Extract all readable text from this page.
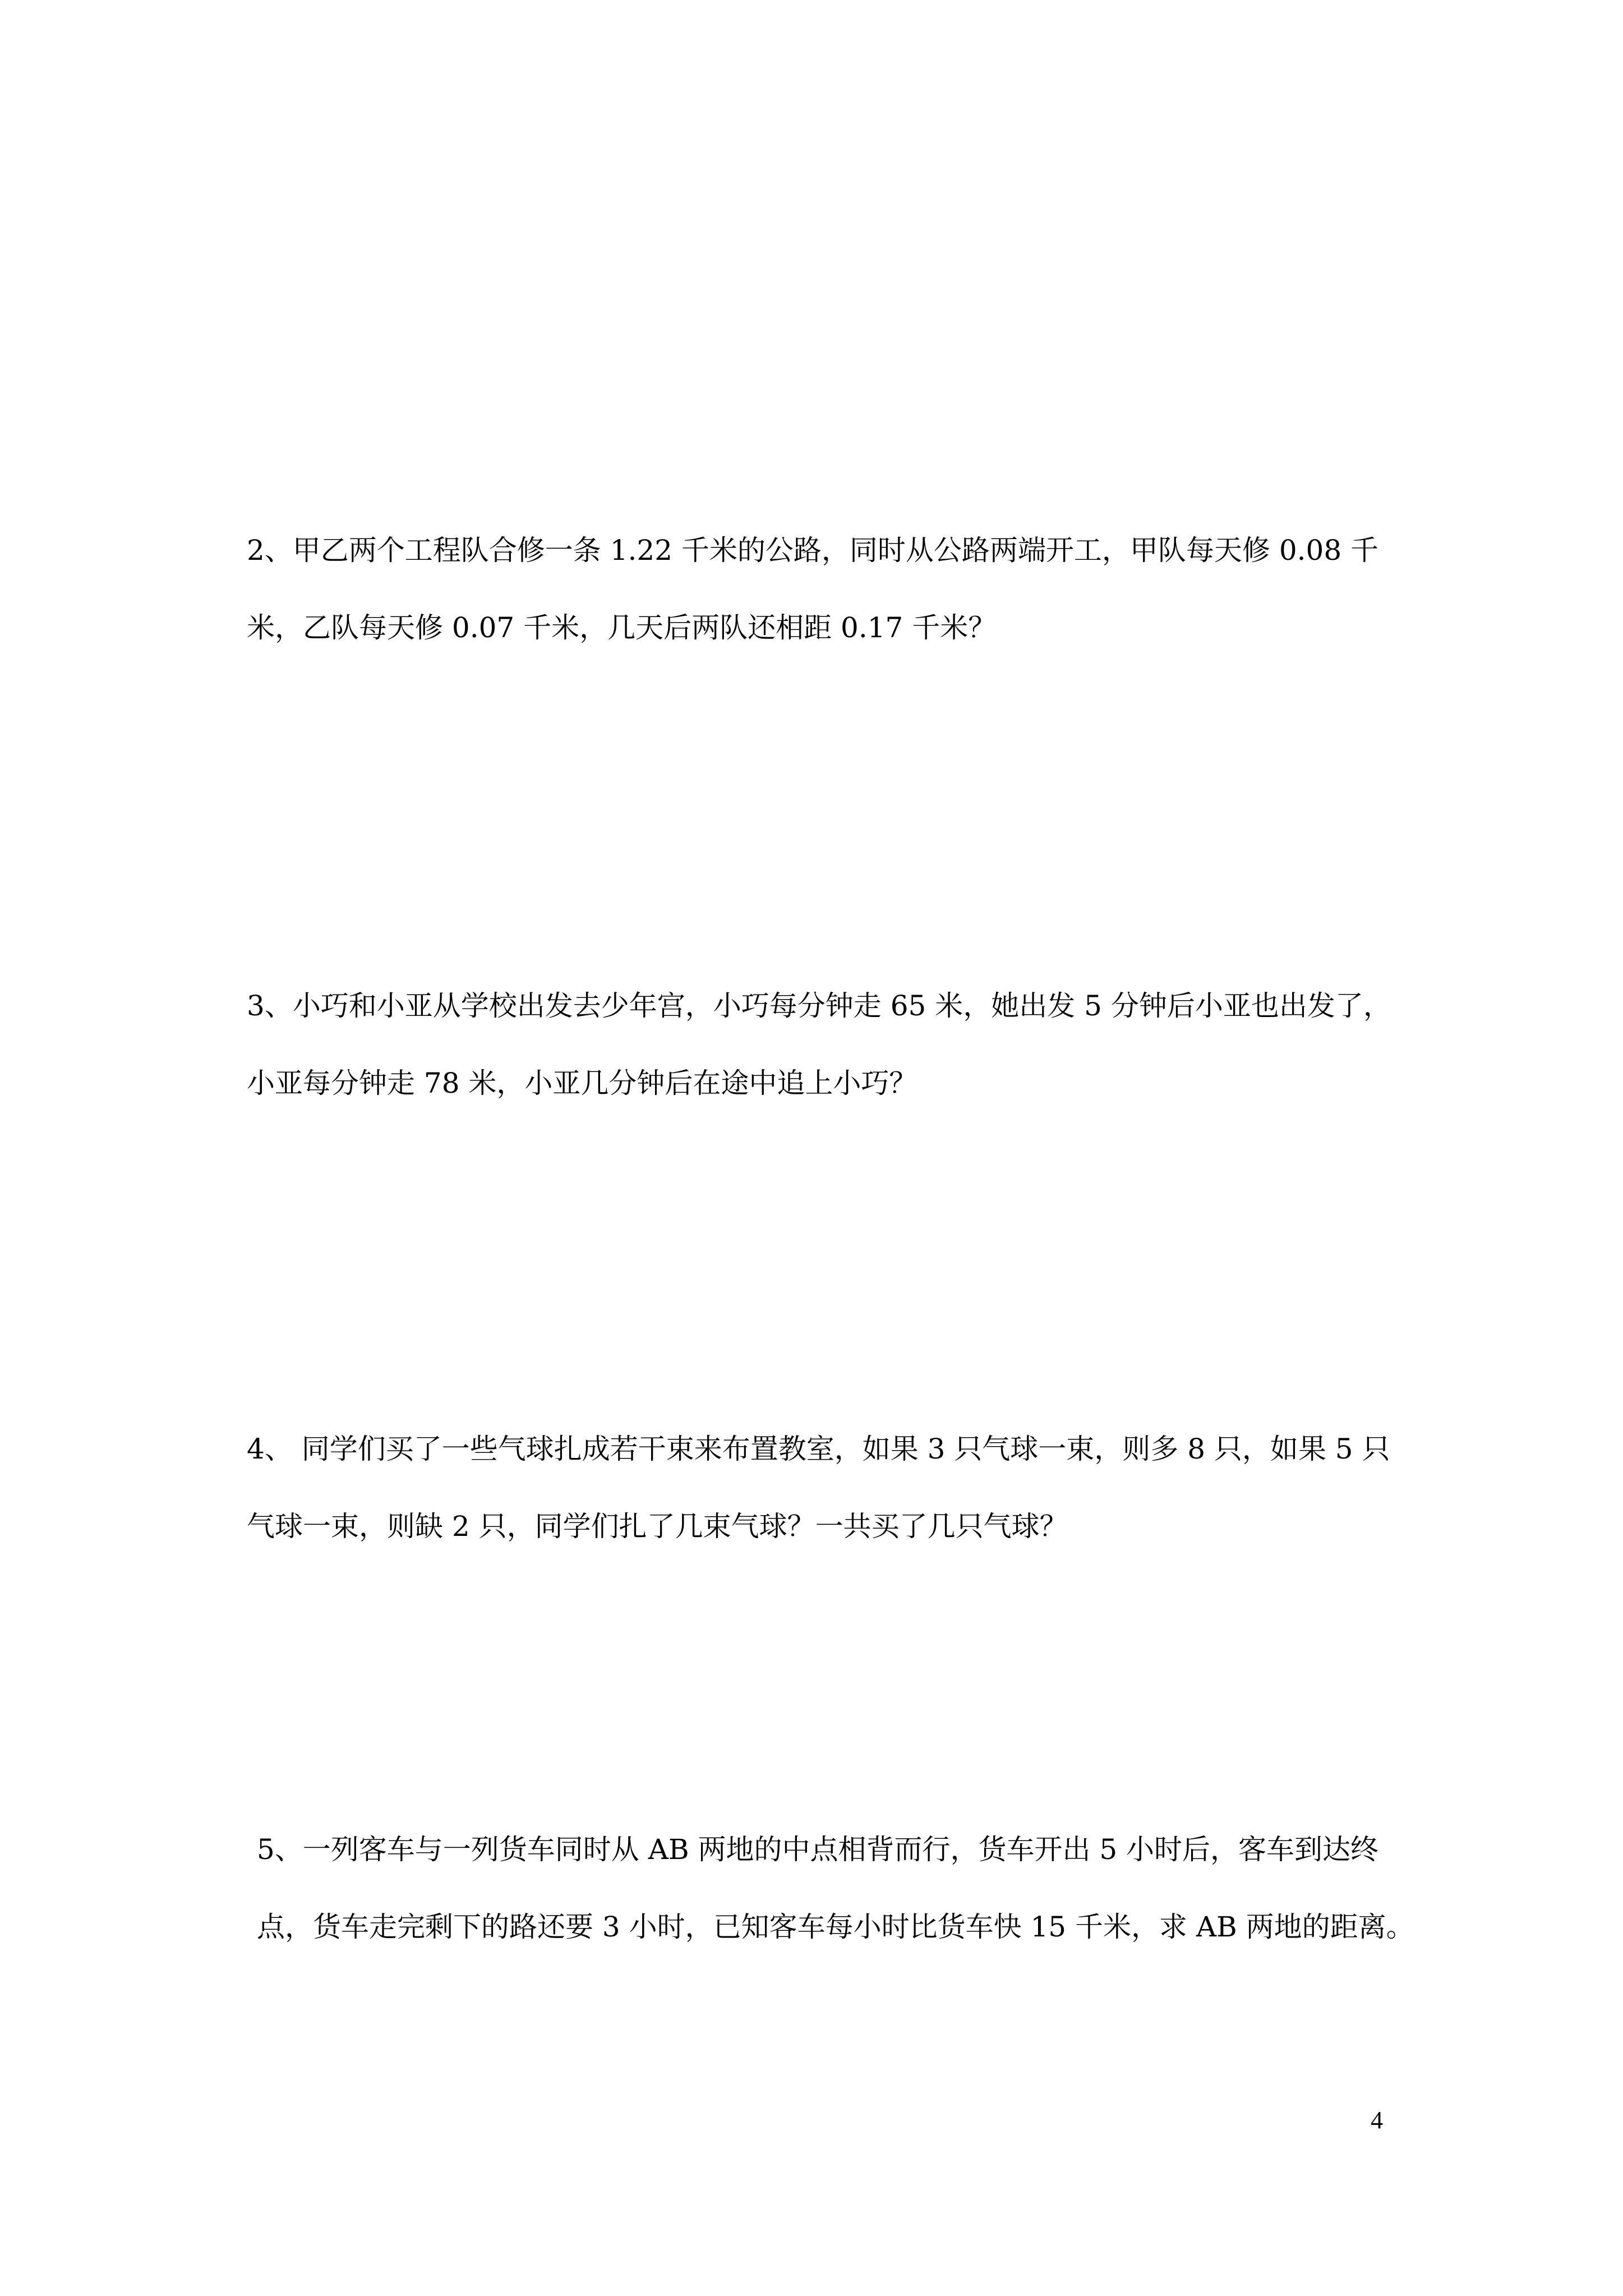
2、甲乙两个工程队合修一条 1.22 千米的公路，同时从公路两端开工，甲队每天修 0.08 千
米，乙队每天修 0.07 千米，几天后两队还相距 0.17 千米？
3、小巧和小亚从学校出发去少年宫，小巧每分钟走 65 米，她出发 5 分钟后小亚也出发了，
小亚每分钟走 78 米，小亚几分钟后在途中追上小巧？
4、 同学们买了一些气球扎成若干束来布置教室，如果 3 只气球一束，则多 8 只，如果 5 只
气球一束，则缺 2 只，同学们扎了几束气球？一共买了几只气球？
5、一列客车与一列货车同时从 AB 两地的中点相背而行，货车开出 5 小时后，客车到达终
点，货车走完剩下的路还要 3 小时，已知客车每小时比货车快 15 千米，求 AB 两地的距离。
4
